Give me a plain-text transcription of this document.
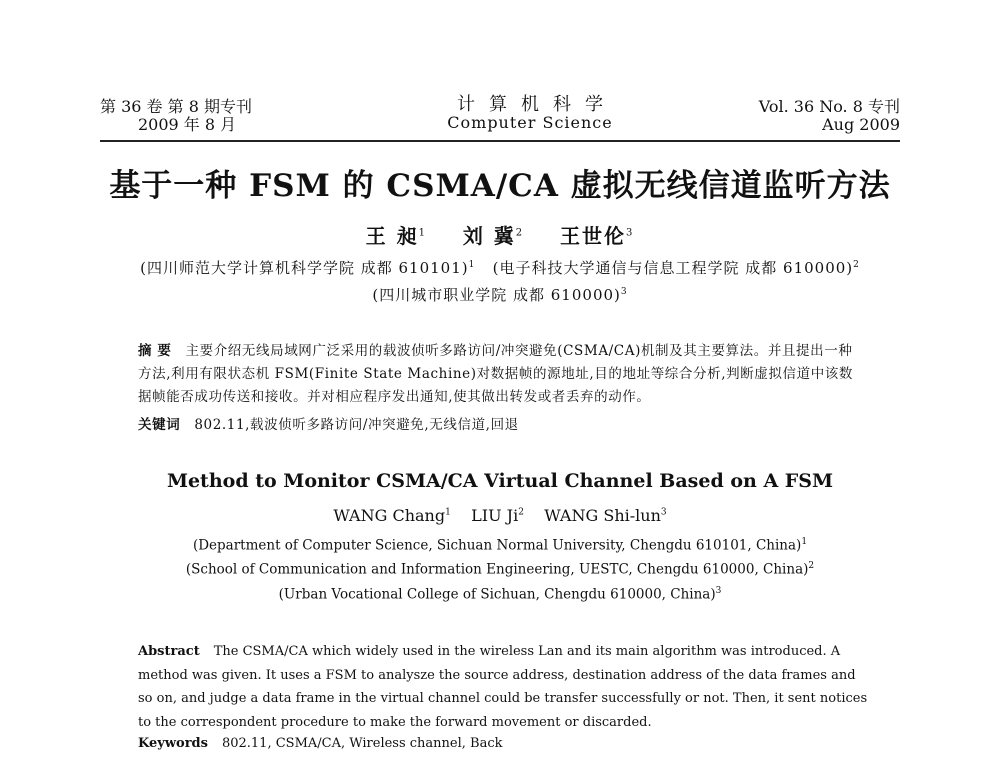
第 36 卷 第 8 期专刊
2009 年 8 月
计算机科学
Computer Science
Vol. 36 No. 8 专刊
Aug 2009
基于一种 FSM 的 CSMA/CA 虚拟无线信道监听方法
王 昶$^1$ 刘 冀$^2$ 王世伦$^3$
(四川师范大学计算机科学学院 成都 610101)$^1$ (电子科技大学通信与信息工程学院 成都 610000)$^2$
(四川城市职业学院 成都 610000)$^3$
摘 要 主要介绍无线局域网广泛采用的载波侦听多路访问/冲突避免(CSMA/CA)机制及其主要算法。并且提出一种方法,利用有限状态机 FSM(Finite State Machine)对数据帧的源地址,目的地址等综合分析,判断虚拟信道中该数据帧能否成功传送和接收。并对相应程序发出通知,使其做出转发或者丢弃的动作。
关键词 802.11,载波侦听多路访问/冲突避免,无线信道,回退
Method to Monitor CSMA/CA Virtual Channel Based on A FSM
WANG Chang$^1$ LIU Ji$^2$ WANG Shi-lun$^3$
(Department of Computer Science, Sichuan Normal University, Chengdu 610101, China)$^1$
(School of Communication and Information Engineering, UESTC, Chengdu 610000, China)$^2$
(Urban Vocational College of Sichuan, Chengdu 610000, China)$^3$
Abstract The CSMA/CA which widely used in the wireless Lan and its main algorithm was introduced. A method was given. It uses a FSM to analysze the source address, destination address of the data frames and so on, and judge a data frame in the virtual channel could be transfer successfully or not. Then, it sent notices to the correspondent procedure to make the forward movement or discarded.
Keywords 802.11, CSMA/CA, Wireless channel, Back
